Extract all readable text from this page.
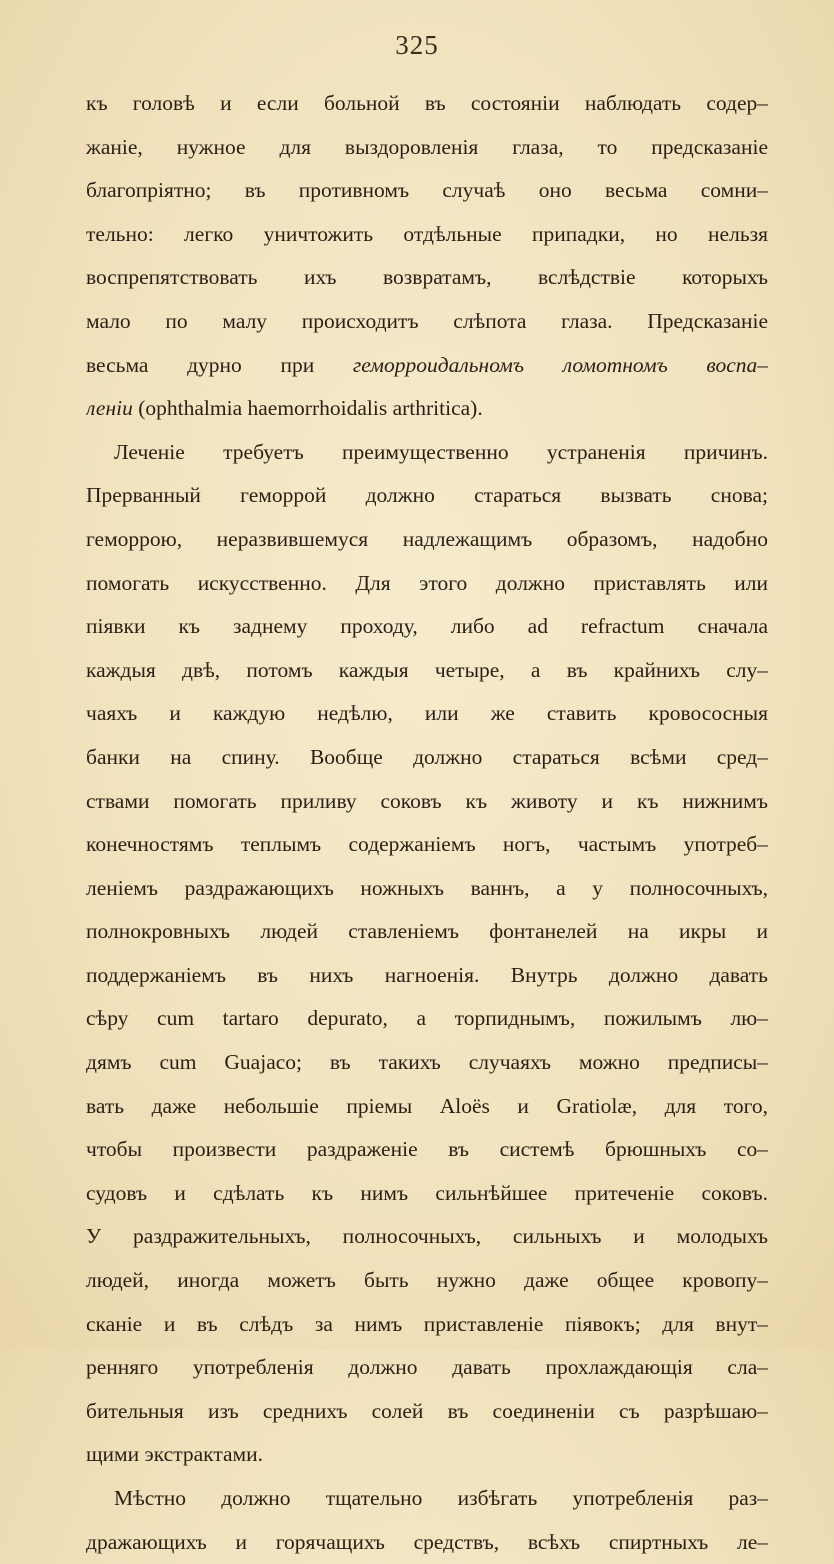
325
къ головѣ и если больной въ состояніи наблюдать содер–
жаніе, нужное для выздоровленія глаза, то предсказаніе
благопріятно; въ противномъ случаѣ оно весьма сомни–
тельно: легко уничтожить отдѣльные припадки, но нельзя
воспрепятствовать ихъ возвратамъ, вслѣдствіе которыхъ
мало по малу происходитъ слѣпота глаза. Предсказаніе
весьма дурно при геморроидальномъ ломотномъ воспа–
леніи (ophthalmia haemorrhoidalis arthritica).
Леченіе требуетъ преимущественно устраненія причинъ.
Прерванный геморрой должно стараться вызвать снова;
геморрою, неразвившемуся надлежащимъ образомъ, надобно
помогать искусственно. Для этого должно приставлять или
піявки къ заднему проходу, либо ad refractum сначала
каждыя двѣ, потомъ каждыя четыре, а въ крайнихъ слу–
чаяхъ и каждую недѣлю, или же ставить кровососныя
банки на спину. Вообще должно стараться всѣми сред–
ствами помогать приливу соковъ къ животу и къ нижнимъ
конечностямъ теплымъ содержаніемъ ногъ, частымъ употреб–
леніемъ раздражающихъ ножныхъ ваннъ, а у полносочныхъ,
полнокровныхъ людей ставленіемъ фонтанелей на икры и
поддержаніемъ въ нихъ нагноенія. Внутрь должно давать
сѣру cum tartaro depurato, а торпиднымъ, пожилымъ лю–
дямъ cum Guajaco; въ такихъ случаяхъ можно предписы–
вать даже небольшіе пріемы Aloës и Gratiolæ, для того,
чтобы произвести раздраженіе въ системѣ брюшныхъ со–
судовъ и сдѣлать къ нимъ сильнѣйшее притеченіе соковъ.
У раздражительныхъ, полносочныхъ, сильныхъ и молодыхъ
людей, иногда можетъ быть нужно даже общее кровопу–
сканіе и въ слѣдъ за нимъ приставленіе піявокъ; для внут–
ренняго употребленія должно давать прохлаждающія сла–
бительныя изъ среднихъ солей въ соединеніи съ разрѣшаю–
щими экстрактами.
Мѣстно должно тщательно избѣгать употребленія раз–
дражающихъ и горячащихъ средствъ, всѣхъ спиртныхъ ле–
